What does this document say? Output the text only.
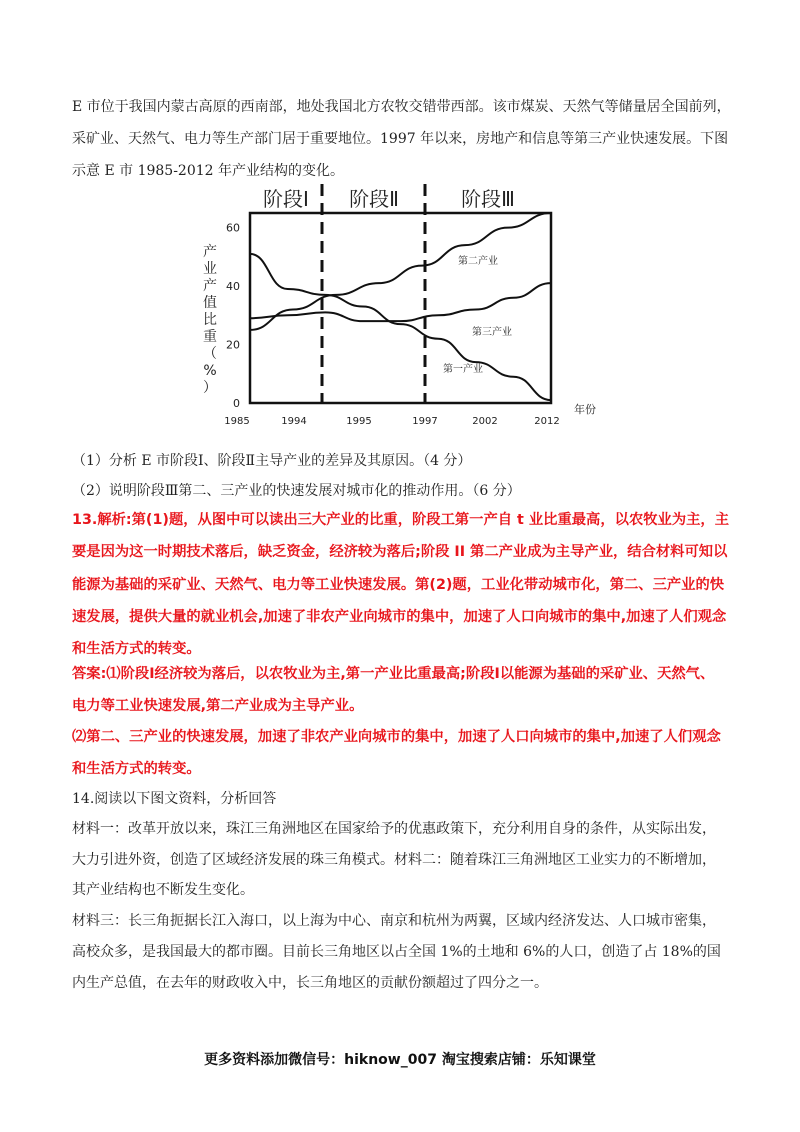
E 市位于我国内蒙古高原的西南部，地处我国北方农牧交错带西部。该市煤炭、天然气等储量居全国前列，
采矿业、天然气、电力等生产部门居于重要地位。1997 年以来，房地产和信息等第三产业快速发展。下图
示意 E 市 1985-2012 年产业结构的变化。
阶段Ⅰ 阶段Ⅱ	阶段Ⅲ
0
20
40
60
1985	1994	1995	1997	2002	2012
第一产业
第二产业
第三产业
产
业
产
值
比
重
（
%
）
年份
（1）分析 E 市阶段Ⅰ、阶段Ⅱ主导产业的差异及其原因。（4 分）
（2）说明阶段Ⅲ第二、三产业的快速发展对城市化的推动作用。（6 分）
13.解析:第(1)题，从图中可以读出三大产业的比重，阶段工第一产自 t 业比重最高，以农牧业为主，主
要是因为这一时期技术落后，缺乏资金，经济较为落后;阶段 II 第二产业成为主导产业，结合材料可知以
能源为基础的采矿业、天然气、电力等工业快速发展。第(2)题，工业化带动城市化，第二、三产业的快
速发展，提供大量的就业机会,加速了非农产业向城市的集中，加速了人口向城市的集中,加速了人们观念
和生活方式的转变。
答案:⑴阶段Ⅰ经济较为落后，以农牧业为主,第一产业比重最高;阶段Ⅰ以能源为基础的采矿业、天然气、
电力等工业快速发展,第二产业成为主导产业。
⑵第二、三产业的快速发展，加速了非农产业向城市的集中，加速了人口向城市的集中,加速了人们观念
和生活方式的转变。
14.阅读以下图文资料，分析回答
材料一：改革开放以来，珠江三角洲地区在国家给予的优惠政策下，充分利用自身的条件，从实际出发，
大力引进外资，创造了区域经济发展的珠三角模式。材料二：随着珠江三角洲地区工业实力的不断增加，
其产业结构也不断发生变化。
材料三：长三角扼据长江入海口，以上海为中心、南京和杭州为两翼，区域内经济发达、人口城市密集，
高校众多，是我国最大的都市圈。目前长三角地区以占全国 1%的土地和 6%的人口，创造了占 18%的国
内生产总值，在去年的财政收入中，长三角地区的贡献份额超过了四分之一。
更多资料添加微信号：hiknow_007 淘宝搜索店铺：乐知课堂
